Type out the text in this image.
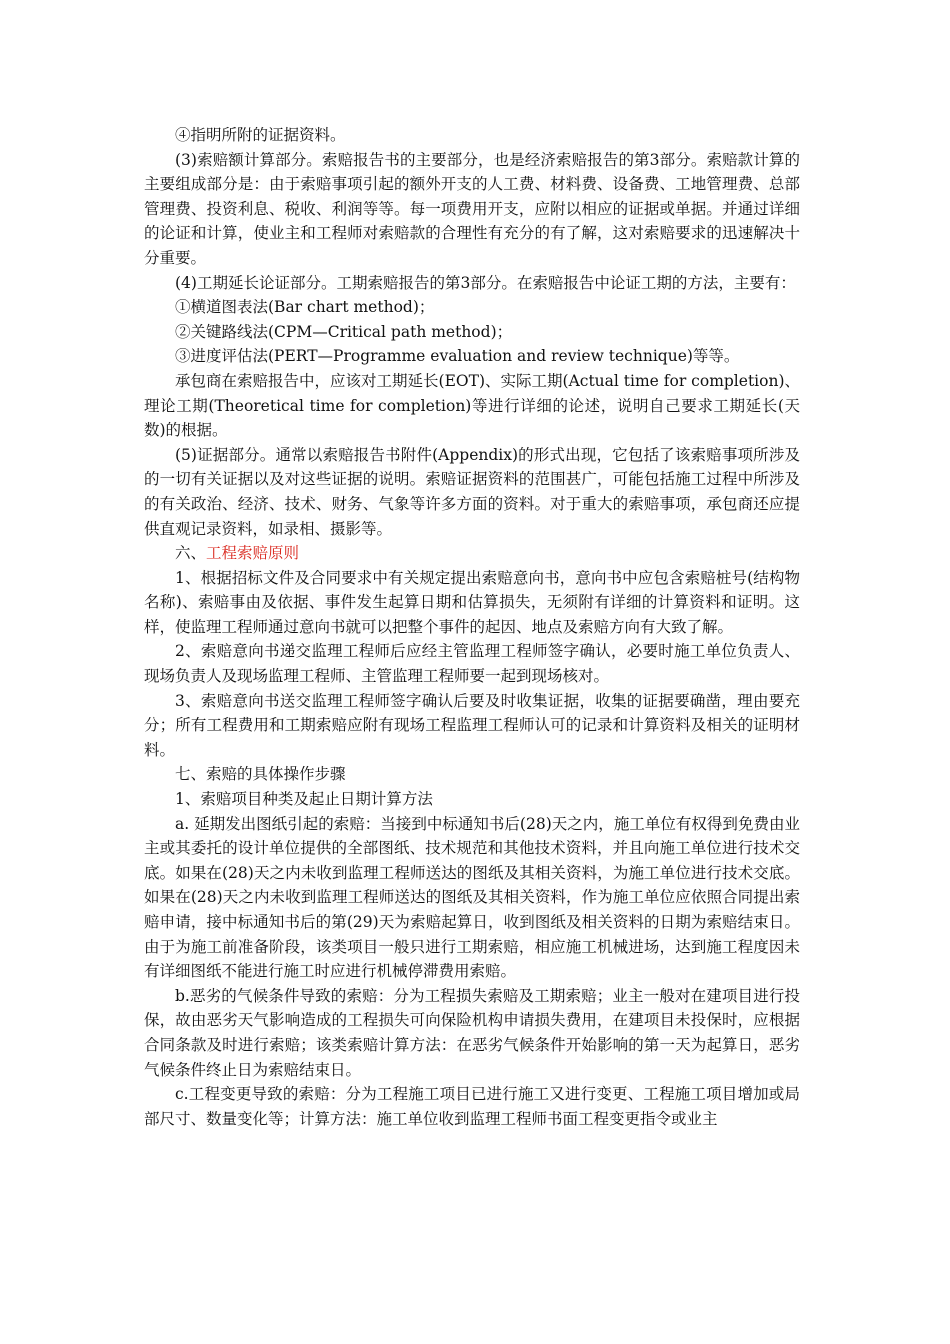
④指明所附的证据资料。

(3)索赔额计算部分。索赔报告书的主要部分，也是经济索赔报告的第3部分。索赔款计算的主要组成部分是：由于索赔事项引起的额外开支的人工费、材料费、设备费、工地管理费、总部管理费、投资利息、税收、利润等等。每一项费用开支，应附以相应的证据或单据。并通过详细的论证和计算，使业主和工程师对索赔款的合理性有充分的有了解，这对索赔要求的迅速解决十分重要。

(4)工期延长论证部分。工期索赔报告的第3部分。在索赔报告中论证工期的方法，主要有：

①横道图表法(Bar chart method)；

②关键路线法(CPM—Critical path method)；

③进度评估法(PERT—Programme evaluation and review technique)等等。

承包商在索赔报告中，应该对工期延长(EOT)、实际工期(Actual time for completion)、理论工期(Theoretical time for completion)等进行详细的论述，说明自己要求工期延长(天数)的根据。

(5)证据部分。通常以索赔报告书附件(Appendix)的形式出现，它包括了该索赔事项所涉及的一切有关证据以及对这些证据的说明。索赔证据资料的范围甚广，可能包括施工过程中所涉及的有关政治、经济、技术、财务、气象等许多方面的资料。对于重大的索赔事项，承包商还应提供直观记录资料，如录相、摄影等。

六、工程索赔原则

1、根据招标文件及合同要求中有关规定提出索赔意向书，意向书中应包含索赔桩号(结构物名称)、索赔事由及依据、事件发生起算日期和估算损失，无须附有详细的计算资料和证明。这样，使监理工程师通过意向书就可以把整个事件的起因、地点及索赔方向有大致了解。

2、索赔意向书递交监理工程师后应经主管监理工程师签字确认，必要时施工单位负责人、现场负责人及现场监理工程师、主管监理工程师要一起到现场核对。

3、索赔意向书送交监理工程师签字确认后要及时收集证据，收集的证据要确凿，理由要充分；所有工程费用和工期索赔应附有现场工程监理工程师认可的记录和计算资料及相关的证明材料。

七、索赔的具体操作步骤

1、索赔项目种类及起止日期计算方法

a. 延期发出图纸引起的索赔：当接到中标通知书后(28)天之内，施工单位有权得到免费由业主或其委托的设计单位提供的全部图纸、技术规范和其他技术资料，并且向施工单位进行技术交底。如果在(28)天之内未收到监理工程师送达的图纸及其相关资料，为施工单位进行技术交底。如果在(28)天之内未收到监理工程师送达的图纸及其相关资料，作为施工单位应依照合同提出索赔申请，接中标通知书后的第(29)天为索赔起算日，收到图纸及相关资料的日期为索赔结束日。由于为施工前准备阶段，该类项目一般只进行工期索赔，相应施工机械进场，达到施工程度因未有详细图纸不能进行施工时应进行机械停滞费用索赔。

b.恶劣的气候条件导致的索赔：分为工程损失索赔及工期索赔；业主一般对在建项目进行投保，故由恶劣天气影响造成的工程损失可向保险机构申请损失费用，在建项目未投保时，应根据合同条款及时进行索赔；该类索赔计算方法：在恶劣气候条件开始影响的第一天为起算日，恶劣气候条件终止日为索赔结束日。

c.工程变更导致的索赔：分为工程施工项目已进行施工又进行变更、工程施工项目增加或局部尺寸、数量变化等；计算方法：施工单位收到监理工程师书面工程变更指令或业主
